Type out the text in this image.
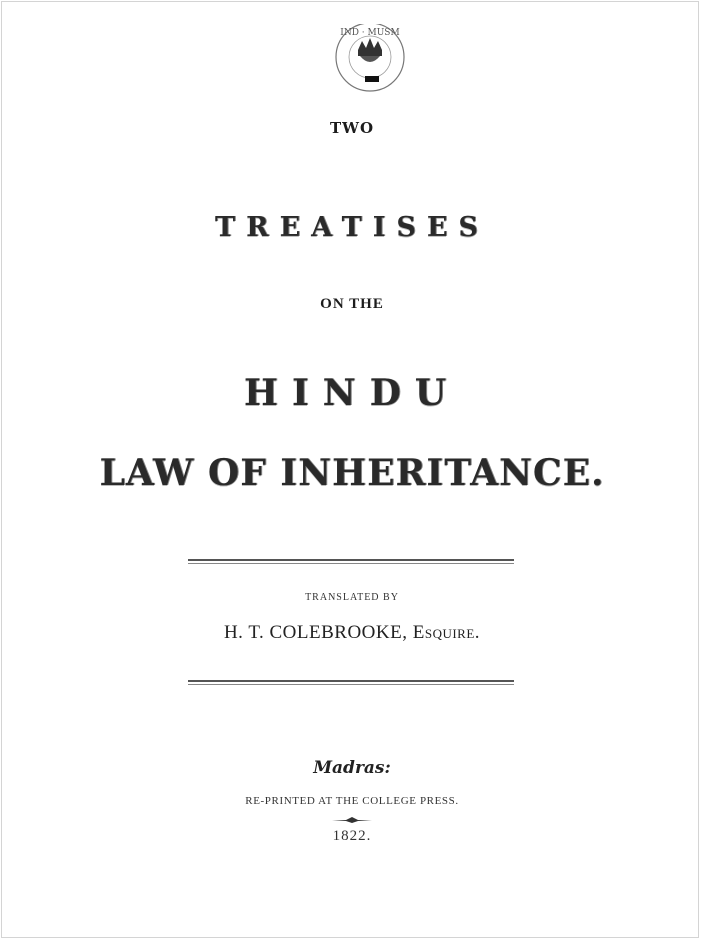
IND · MUSM
TWO
TREATISES
ON THE
HINDU
LAW OF INHERITANCE.
TRANSLATED BY
H. T. COLEBROOKE, Esquire.
Madras:
RE-PRINTED AT THE COLLEGE PRESS.
1822.
